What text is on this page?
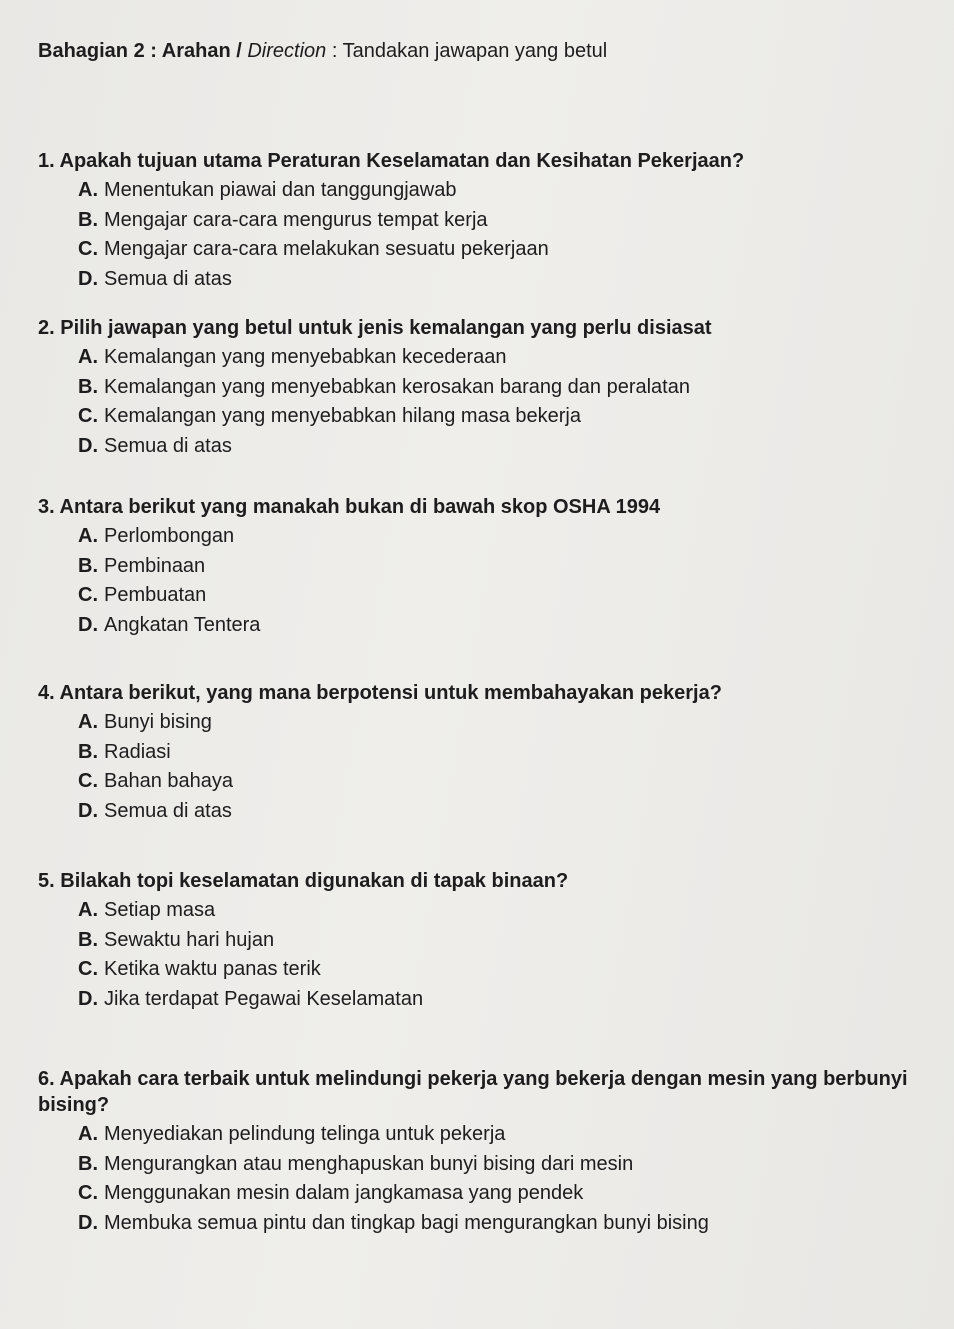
Bahagian 2 : Arahan / Direction : Tandakan jawapan yang betul
1. Apakah tujuan utama Peraturan Keselamatan dan Kesihatan Pekerjaan?
A. Menentukan piawai dan tanggungjawab
B. Mengajar cara-cara mengurus tempat kerja
C. Mengajar cara-cara melakukan sesuatu pekerjaan
D. Semua di atas
2. Pilih jawapan yang betul untuk jenis kemalangan yang perlu disiasat
A. Kemalangan yang menyebabkan kecederaan
B. Kemalangan yang menyebabkan kerosakan barang dan peralatan
C. Kemalangan yang menyebabkan hilang masa bekerja
D. Semua di atas
3. Antara berikut yang manakah bukan di bawah skop OSHA 1994
A. Perlombongan
B. Pembinaan
C. Pembuatan
D. Angkatan Tentera
4. Antara berikut, yang mana berpotensi untuk membahayakan pekerja?
A. Bunyi bising
B. Radiasi
C. Bahan bahaya
D. Semua di atas
5. Bilakah topi keselamatan digunakan di tapak binaan?
A. Setiap masa
B. Sewaktu hari hujan
C. Ketika waktu panas terik
D. Jika terdapat Pegawai Keselamatan
6. Apakah cara terbaik untuk melindungi pekerja yang bekerja dengan mesin yang berbunyi bising?
A. Menyediakan pelindung telinga untuk pekerja
B. Mengurangkan atau menghapuskan bunyi bising dari mesin
C. Menggunakan mesin dalam jangkamasa yang pendek
D. Membuka semua pintu dan tingkap bagi mengurangkan bunyi bising
